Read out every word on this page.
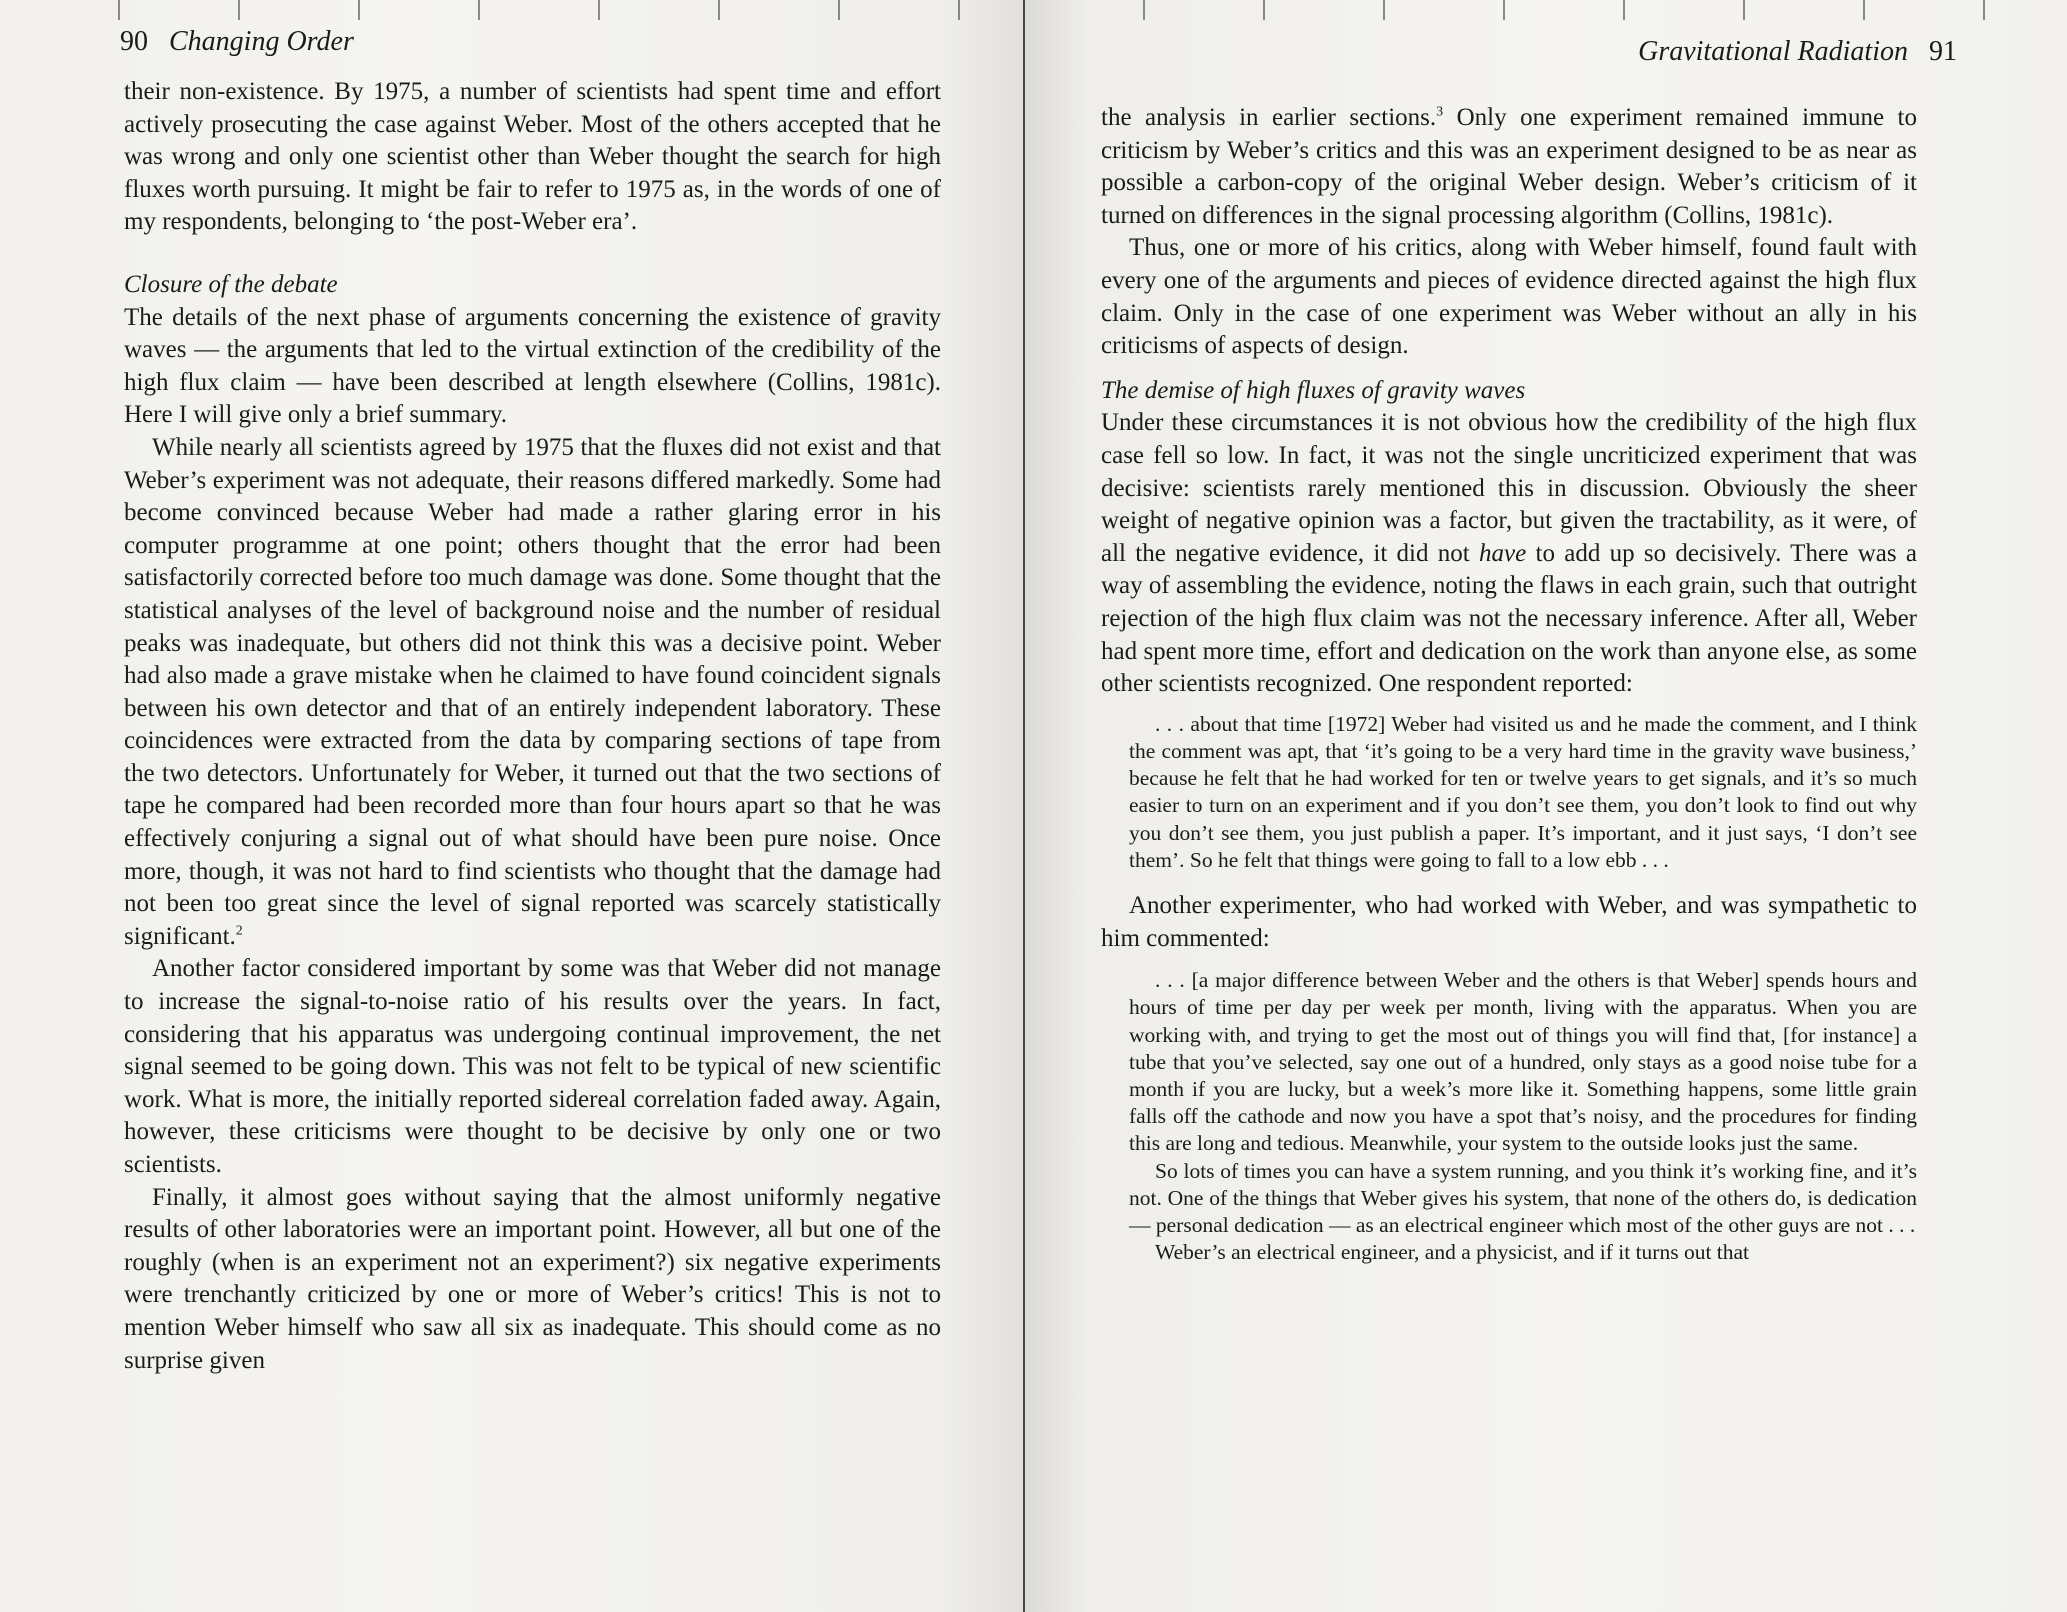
90 Changing Order

their non-existence. By 1975, a number of scientists had spent time and effort actively prosecuting the case against Weber. Most of the others accepted that he was wrong and only one scientist other than Weber thought the search for high fluxes worth pursuing. It might be fair to refer to 1975 as, in the words of one of my respondents, belonging to ‘the post-Weber era’.

Closure of the debate

The details of the next phase of arguments concerning the existence of gravity waves — the arguments that led to the virtual extinction of the credibility of the high flux claim — have been described at length elsewhere (Collins, 1981c). Here I will give only a brief summary.

While nearly all scientists agreed by 1975 that the fluxes did not exist and that Weber’s experiment was not adequate, their reasons differed markedly. Some had become convinced because Weber had made a rather glaring error in his computer programme at one point; others thought that the error had been satisfactorily corrected before too much damage was done. Some thought that the statistical analyses of the level of background noise and the number of residual peaks was inadequate, but others did not think this was a decisive point. Weber had also made a grave mistake when he claimed to have found coincident signals between his own detector and that of an entirely independent laboratory. These coincidences were extracted from the data by comparing sections of tape from the two detectors. Unfortunately for Weber, it turned out that the two sections of tape he compared had been recorded more than four hours apart so that he was effectively conjuring a signal out of what should have been pure noise. Once more, though, it was not hard to find scientists who thought that the damage had not been too great since the level of signal reported was scarcely statistically significant.$^2$

Another factor considered important by some was that Weber did not manage to increase the signal-to-noise ratio of his results over the years. In fact, considering that his apparatus was undergoing continual improvement, the net signal seemed to be going down. This was not felt to be typical of new scientific work. What is more, the initially reported sidereal correlation faded away. Again, however, these criticisms were thought to be decisive by only one or two scientists.

Finally, it almost goes without saying that the almost uniformly negative results of other laboratories were an important point. However, all but one of the roughly (when is an experiment not an experiment?) six negative experiments were trenchantly criticized by one or more of Weber’s critics! This is not to mention Weber himself who saw all six as inadequate. This should come as no surprise given

Gravitational Radiation 91

the analysis in earlier sections.$^3$ Only one experiment remained immune to criticism by Weber’s critics and this was an experiment designed to be as near as possible a carbon-copy of the original Weber design. Weber’s criticism of it turned on differences in the signal processing algorithm (Collins, 1981c).

Thus, one or more of his critics, along with Weber himself, found fault with every one of the arguments and pieces of evidence directed against the high flux claim. Only in the case of one experiment was Weber without an ally in his criticisms of aspects of design.

The demise of high fluxes of gravity waves

Under these circumstances it is not obvious how the credibility of the high flux case fell so low. In fact, it was not the single uncriticized experiment that was decisive: scientists rarely mentioned this in discussion. Obviously the sheer weight of negative opinion was a factor, but given the tractability, as it were, of all the negative evidence, it did not have to add up so decisively. There was a way of assembling the evidence, noting the flaws in each grain, such that outright rejection of the high flux claim was not the necessary inference. After all, Weber had spent more time, effort and dedication on the work than anyone else, as some other scientists recognized. One respondent reported:

. . . about that time [1972] Weber had visited us and he made the comment, and I think the comment was apt, that ‘it’s going to be a very hard time in the gravity wave business,’ because he felt that he had worked for ten or twelve years to get signals, and it’s so much easier to turn on an experiment and if you don’t see them, you don’t look to find out why you don’t see them, you just publish a paper. It’s important, and it just says, ‘I don’t see them’. So he felt that things were going to fall to a low ebb . . .

Another experimenter, who had worked with Weber, and was sympathetic to him commented:

. . . [a major difference between Weber and the others is that Weber] spends hours and hours of time per day per week per month, living with the apparatus. When you are working with, and trying to get the most out of things you will find that, [for instance] a tube that you’ve selected, say one out of a hundred, only stays as a good noise tube for a month if you are lucky, but a week’s more like it. Something happens, some little grain falls off the cathode and now you have a spot that’s noisy, and the procedures for finding this are long and tedious. Meanwhile, your system to the outside looks just the same.

So lots of times you can have a system running, and you think it’s working fine, and it’s not. One of the things that Weber gives his system, that none of the others do, is dedication — personal dedication — as an electrical engineer which most of the other guys are not . . .

Weber’s an electrical engineer, and a physicist, and if it turns out that
